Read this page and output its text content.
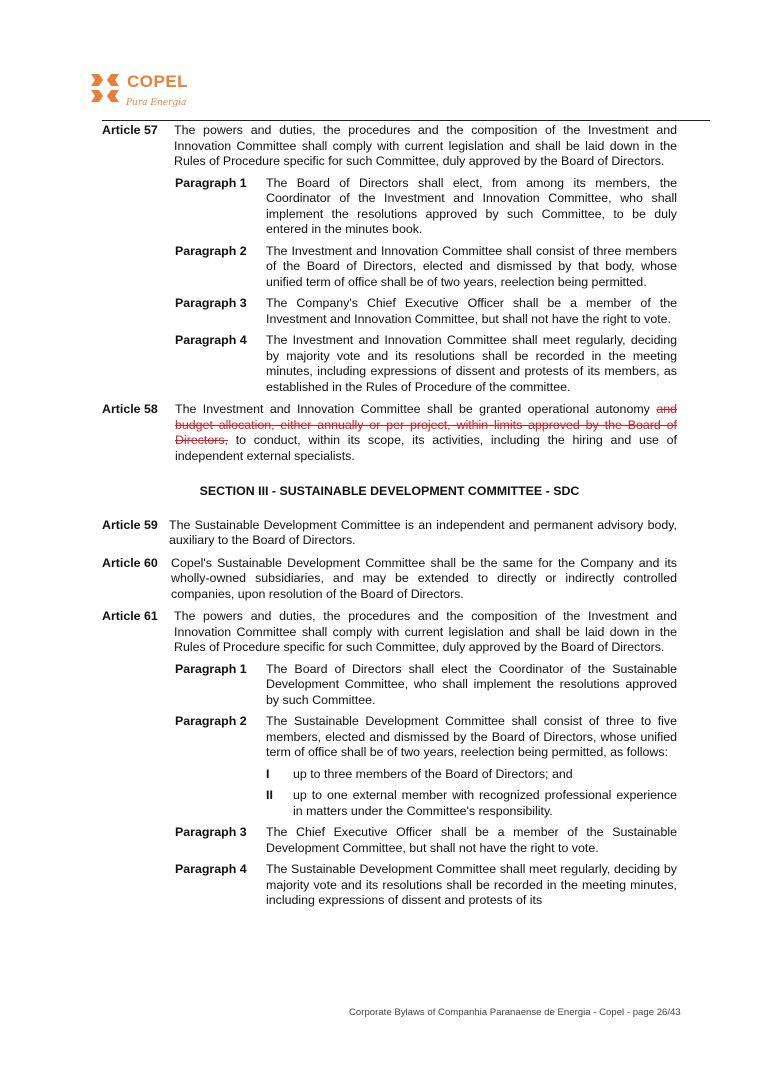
COPEL
Pura Energia
Article 57	The powers and duties, the procedures and the composition of the Investment and Innovation Committee shall comply with current legislation and shall be laid down in the Rules of Procedure specific for such Committee, duly approved by the Board of Directors.
Paragraph 1	The Board of Directors shall elect, from among its members, the Coordinator of the Investment and Innovation Committee, who shall implement the resolutions approved by such Committee, to be duly entered in the minutes book.
Paragraph 2	The Investment and Innovation Committee shall consist of three members of the Board of Directors, elected and dismissed by that body, whose unified term of office shall be of two years, reelection being permitted.
Paragraph 3	The Company's Chief Executive Officer shall be a member of the Investment and Innovation Committee, but shall not have the right to vote.
Paragraph 4	The Investment and Innovation Committee shall meet regularly, deciding by majority vote and its resolutions shall be recorded in the meeting minutes, including expressions of dissent and protests of its members, as established in the Rules of Procedure of the committee.
Article 58	The Investment and Innovation Committee shall be granted operational autonomy and budget allocation, either annually or per project, within limits approved by the Board of Directors, to conduct, within its scope, its activities, including the hiring and use of independent external specialists.
SECTION III - SUSTAINABLE DEVELOPMENT COMMITTEE - SDC
Article 59 The Sustainable Development Committee is an independent and permanent advisory body, auxiliary to the Board of Directors.
Article 60	Copel's Sustainable Development Committee shall be the same for the Company and its wholly-owned subsidiaries, and may be extended to directly or indirectly controlled companies, upon resolution of the Board of Directors.
Article 61	The powers and duties, the procedures and the composition of the Investment and Innovation Committee shall comply with current legislation and shall be laid down in the Rules of Procedure specific for such Committee, duly approved by the Board of Directors.
Paragraph 1	The Board of Directors shall elect the Coordinator of the Sustainable Development Committee, who shall implement the resolutions approved by such Committee.
Paragraph 2	The Sustainable Development Committee shall consist of three to five members, elected and dismissed by the Board of Directors, whose unified term of office shall be of two years, reelection being permitted, as follows:
I	up to three members of the Board of Directors; and
II	up to one external member with recognized professional experience in matters under the Committee's responsibility.
Paragraph 3	The Chief Executive Officer shall be a member of the Sustainable Development Committee, but shall not have the right to vote.
Paragraph 4	The Sustainable Development Committee shall meet regularly, deciding by majority vote and its resolutions shall be recorded in the meeting minutes, including expressions of dissent and protests of its
Corporate Bylaws of Companhia Paranaense de Energia - Copel - page 26/43
